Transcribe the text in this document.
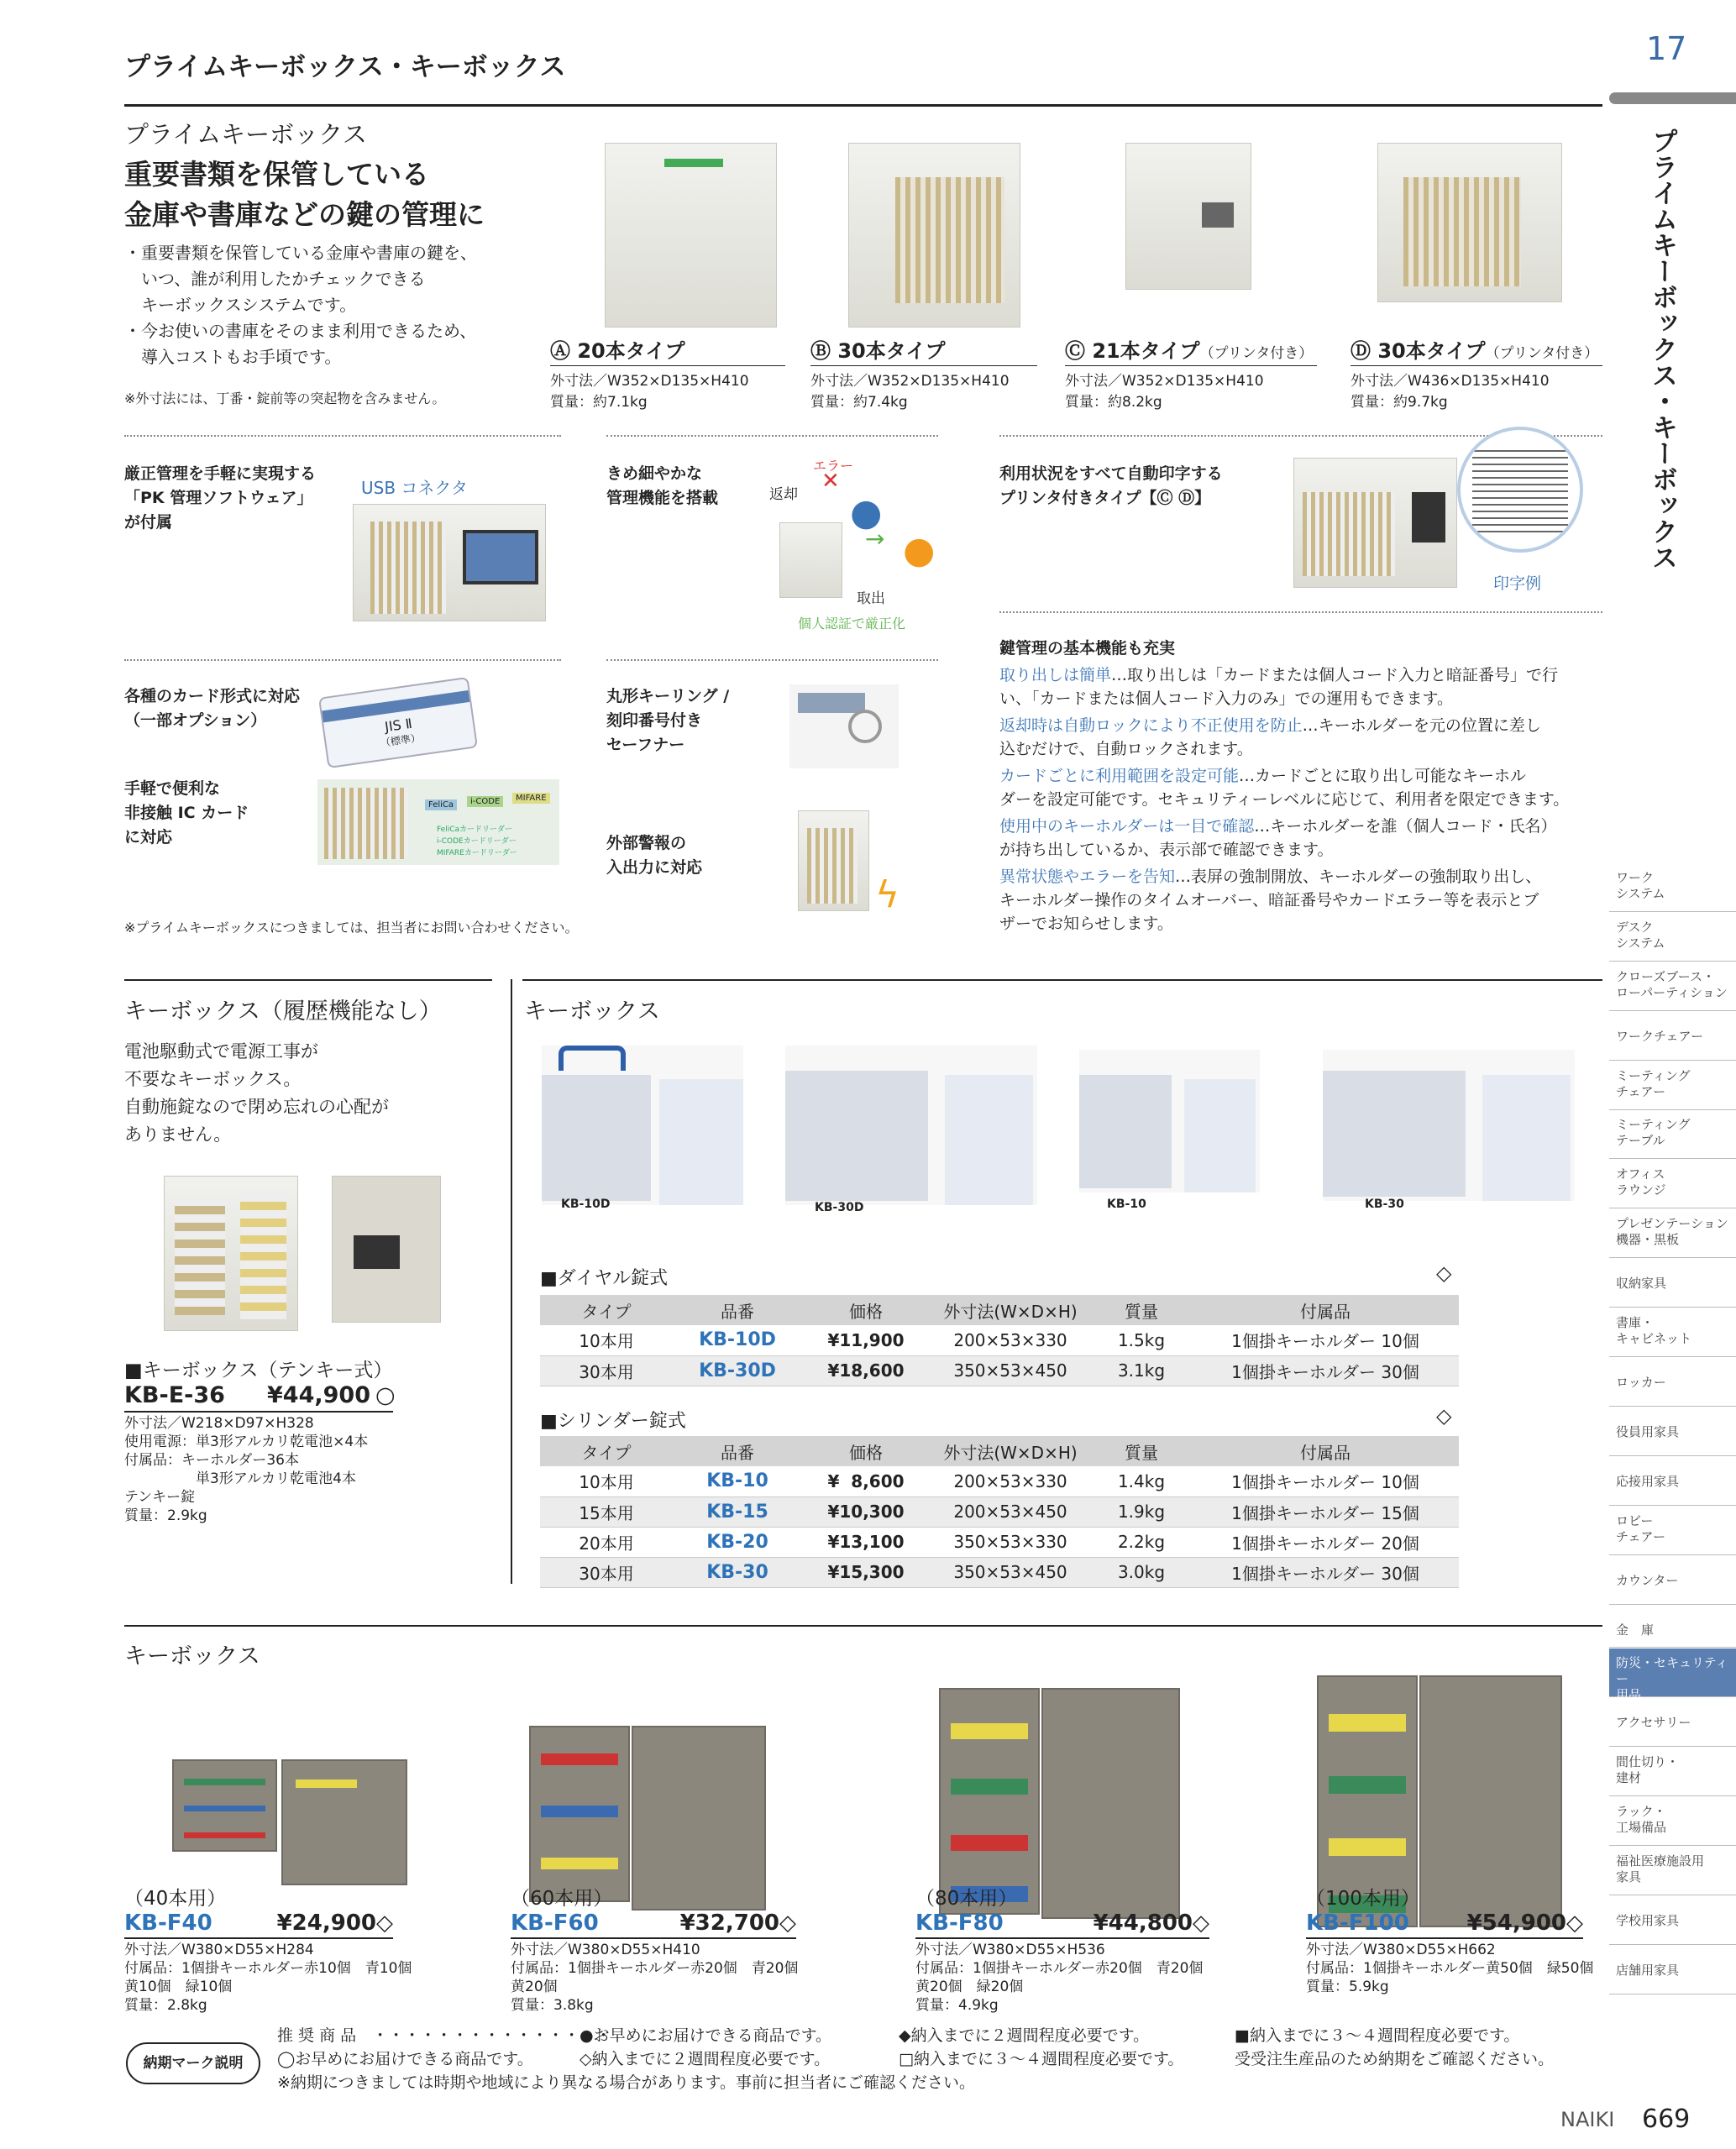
プライムキーボックス・キーボックス	17
プライムキーボックス・キーボックス
プライムキーボックス
重要書類を保管している
金庫や書庫などの鍵の管理に
・重要書類を保管している金庫や書庫の鍵を、
　いつ、誰が利用したかチェックできる
　キーボックスシステムです。
・今お使いの書庫をそのまま利用できるため、
　導入コストもお手頃です。
※外寸法には、丁番・錠前等の突起物を含みません。
Ⓐ 20本タイプ
外寸法／W352×D135×H410
質量：約7.1kg
Ⓑ 30本タイプ
外寸法／W352×D135×H410
質量：約7.4kg
Ⓒ 21本タイプ（プリンタ付き）
外寸法／W352×D135×H410
質量：約8.2kg
Ⓓ 30本タイプ（プリンタ付き）
外寸法／W436×D135×H410
質量：約9.7kg
厳正管理を手軽に実現する
「PK 管理ソフトウェア」
が付属
USB コネクタ
きめ細やかな
管理機能を搭載
エラー
✕
返却 ●
●
→
取出
個人認証で厳正化
利用状況をすべて自動印字する
プリンタ付きタイプ【Ⓒ Ⓓ】
印字例
各種のカード形式に対応
（一部オプション）	JIS Ⅱ
（標準）
丸形キーリング /
刻印番号付き
セーフナー
手軽で便利な
非接触 IC カード
に対応
FeliCa	i-CODE	MIFARE
FeliCaカードリーダー
i-CODEカードリーダー
MIFAREカードリーダー
外部警報の
入出力に対応
ϟ
※プライムキーボックスにつきましては、担当者にお問い合わせください。
鍵管理の基本機能も充実
取り出しは簡単…取り出しは「カードまたは個人コード入力と暗証番号」で行
い、「カードまたは個人コード入力のみ」での運用もできます。
返却時は自動ロックにより不正使用を防止…キーホルダーを元の位置に差し
込むだけで、自動ロックされます。
カードごとに利用範囲を設定可能…カードごとに取り出し可能なキーホル
ダーを設定可能です。セキュリティーレベルに応じて、利用者を限定できます。
使用中のキーホルダーは一目で確認…キーホルダーを誰（個人コード・氏名）
が持ち出しているか、表示部で確認できます。
異常状態やエラーを告知…表屏の強制開放、キーホルダーの強制取り出し、
キーホルダー操作のタイムオーバー、暗証番号やカードエラー等を表示とブ
ザーでお知らせします。
キーボックス（履歴機能なし）
電池駆動式で電源工事が
不要なキーボックス。
自動施錠なので閉め忘れの心配が
ありません。
■キーボックス（テンキー式）
KB-E-36 ¥44,900 ○
外寸法／W218×D97×H328
使用電源：単3形アルカリ乾電池×4本
付属品：キーホルダー36本
　　　　　単3形アルカリ乾電池4本
テンキー錠
質量：2.9kg
キーボックス
KB-10D	KB-30D	KB-10	KB-30
■ダイヤル錠式	◇
タイプ	品番	価格	外寸法(W×D×H)	質量	付属品
10本用	KB-10D	¥11,900	200×53×330	1.5kg	1個掛キーホルダー 10個
30本用	KB-30D	¥18,600	350×53×450	3.1kg	1個掛キーホルダー 30個
■シリンダー錠式	◇
タイプ	品番	価格	外寸法(W×D×H)	質量	付属品
10本用	KB-10	¥  8,600	200×53×330	1.4kg	1個掛キーホルダー 10個
15本用	KB-15	¥10,300	200×53×450	1.9kg	1個掛キーホルダー 15個
20本用	KB-20	¥13,100	350×53×330	2.2kg	1個掛キーホルダー 20個
30本用	KB-30	¥15,300	350×53×450	3.0kg	1個掛キーホルダー 30個
キーボックス
（40本用）
KB-F40	¥24,900◇
外寸法／W380×D55×H284
付属品：1個掛キーホルダー赤10個　青10個
黄10個　緑10個
質量：2.8kg
（60本用）
KB-F60	¥32,700◇
外寸法／W380×D55×H410
付属品：1個掛キーホルダー赤20個　青20個
黄20個
質量：3.8kg
（80本用）
KB-F80	¥44,800◇
外寸法／W380×D55×H536
付属品：1個掛キーホルダー赤20個　青20個
黄20個　緑20個
質量：4.9kg
（100本用）
KB-F100	¥54,900◇
外寸法／W380×D55×H662
付属品：1個掛キーホルダー黄50個　緑50個
質量：5.9kg
納期マーク説明
推 奨 商 品　・・・・・・・・・・・・・・・
●お早めにお届けできる商品です。	◆納入までに２週間程度必要です。	■納入までに３～４週間程度必要です。
◯お早めにお届けできる商品です。	◇納入までに２週間程度必要です。	□納入までに３～４週間程度必要です。	受受注生産品のため納期をご確認ください。
※納期につきましては時期や地域により異なる場合があります。事前に担当者にご確認ください。
NAIKI 669
ワーク
システム
デスク
システム
クローズブース・
ローパーティション
ワークチェアー
ミーティング
チェアー
ミーティング
テーブル
オフィス
ラウンジ
プレゼンテーション
機器・黒板
収納家具
書庫・
キャビネット
ロッカー
役員用家具
応接用家具
ロビー
チェアー
カウンター
金　庫
防災・セキュリティー
用品
アクセサリー
間仕切り・
建材
ラック・
工場備品
福祉医療施設用
家具
学校用家具
店舗用家具
